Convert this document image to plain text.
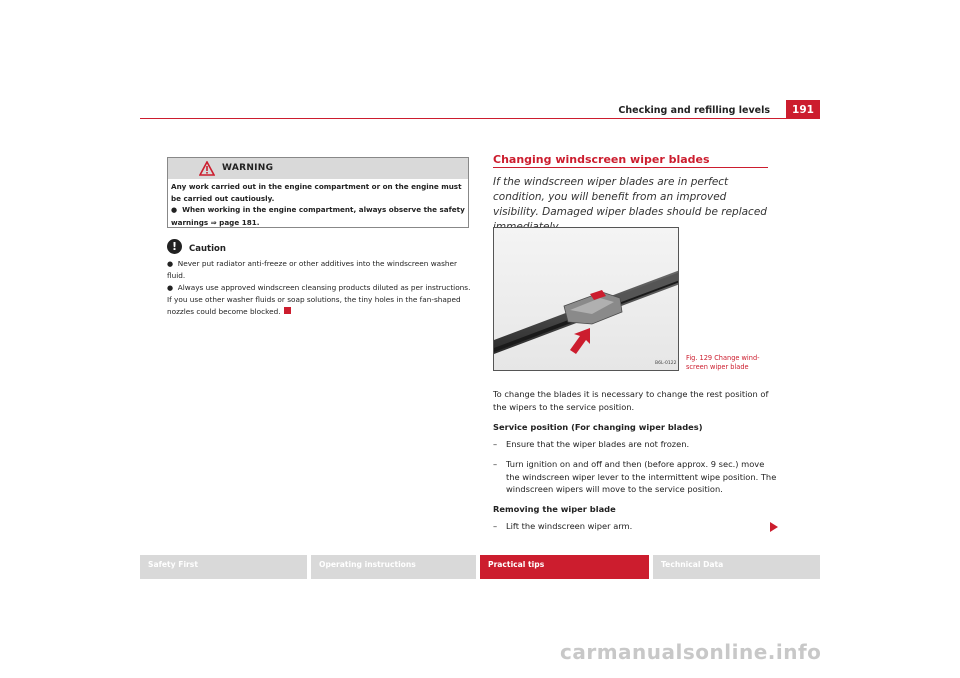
Checking and refilling levels	191
WARNING

Any work carried out in the engine compartment or on the engine must be carried out cautiously.

● When working in the engine compartment, always observe the safety warnings ⇒ page 181.

!	Caution

● Never put radiator anti-freeze or other additives into the windscreen washer fluid.

● Always use approved windscreen cleansing products diluted as per instructions. If you use other washer fluids or soap solutions, the tiny holes in the fan-shaped nozzles could become blocked.

Changing windscreen wiper blades
If the windscreen wiper blades are in perfect condition, you will benefit from an improved visibility. Damaged wiper blades should be replaced
B6L-0122
Fig. 129 Change wind-screen wiper blade
To change the blades it is necessary to change the rest position of the wipers to the service position.
Service position (For changing wiper blades)
– Ensure that the wiper blades are not frozen.
– Turn ignition on and off and then (before approx. 9 sec.) move the windscreen wiper lever to the intermittent wipe position. The windscreen wipers will move to the service position.
Removing the wiper blade
– Lift the windscreen wiper arm.
Safety First	Operating instructions	Practical tips	Technical Data
carmanualsonline.info
